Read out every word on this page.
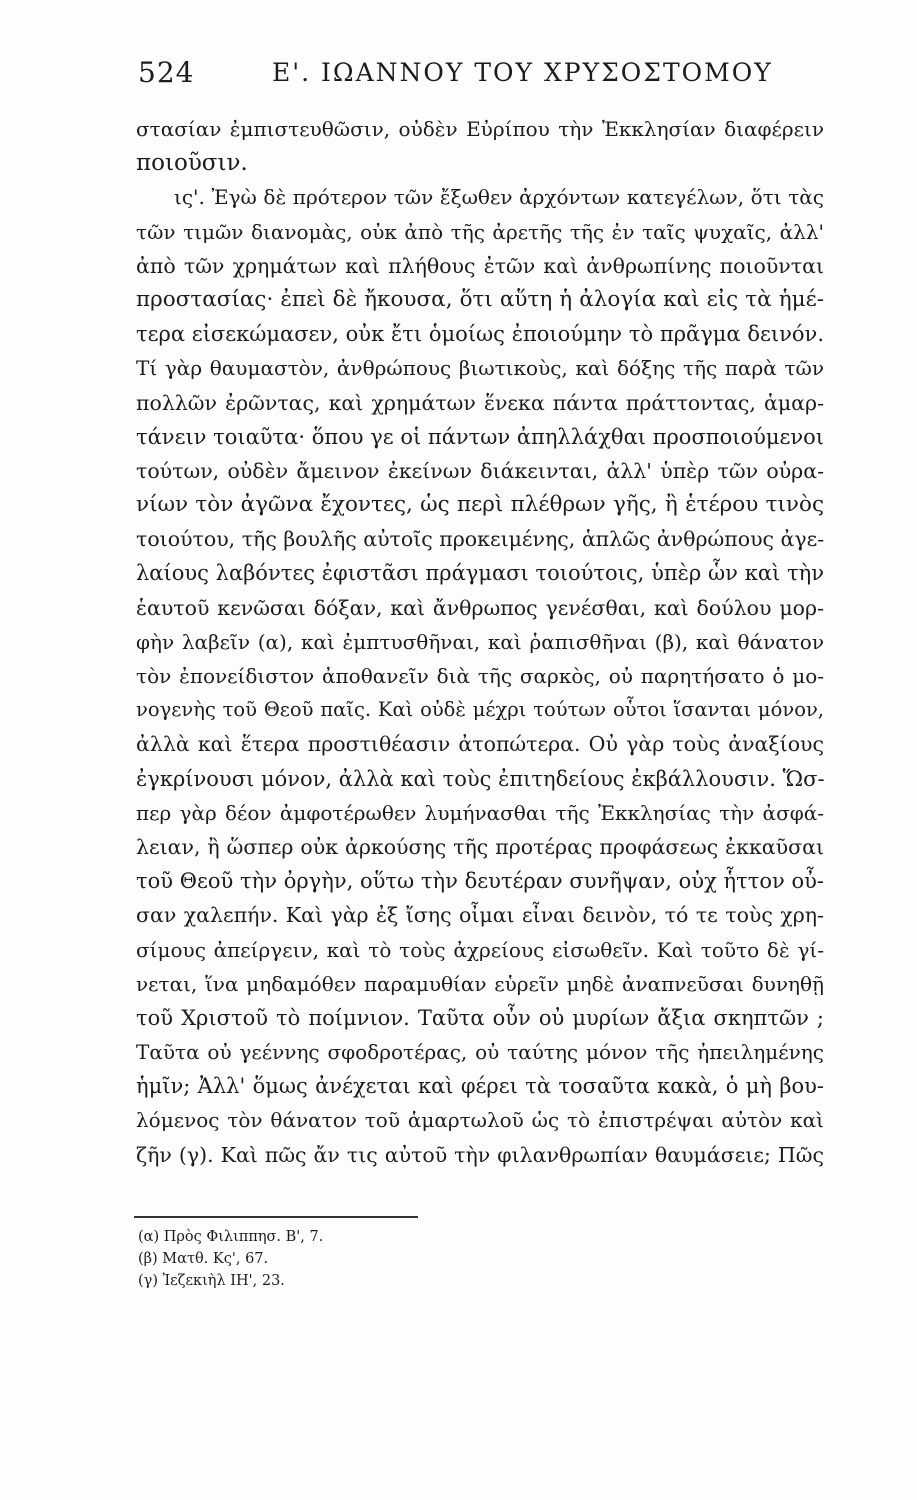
524	Ε'. ΙΩΑΝΝΟΥ ΤΟΥ ΧΡΥΣΟΣΤΟΜΟΥ
στασίαν ἐμπιστευθῶσιν, οὐδὲν Εὐρίπου τὴν Ἐκκλησίαν διαφέρειν
ποιοῦσιν.
ις'. Ἐγὼ δὲ πρότερον τῶν ἔξωθεν ἀρχόντων κατεγέλων, ὅτι τὰς
τῶν τιμῶν διανομὰς, οὐκ ἀπὸ τῆς ἀρετῆς τῆς ἐν ταῖς ψυχαῖς, ἀλλ'
ἀπὸ τῶν χρημάτων καὶ πλήθους ἐτῶν καὶ ἀνθρωπίνης ποιοῦνται
προστασίας· ἐπεὶ δὲ ἤκουσα, ὅτι αὕτη ἡ ἀλογία καὶ εἰς τὰ ἡμέ-
τερα εἰσεκώμασεν, οὐκ ἔτι ὁμοίως ἐποιούμην τὸ πρᾶγμα δεινόν.
Τί γὰρ θαυμαστὸν, ἀνθρώπους βιωτικοὺς, καὶ δόξης τῆς παρὰ τῶν
πολλῶν ἐρῶντας, καὶ χρημάτων ἕνεκα πάντα πράττοντας, ἁμαρ-
τάνειν τοιαῦτα· ὅπου γε οἱ πάντων ἀπηλλάχθαι προσποιούμενοι
τούτων, οὐδὲν ἄμεινον ἐκείνων διάκεινται, ἀλλ' ὑπὲρ τῶν οὐρα-
νίων τὸν ἀγῶνα ἔχοντες, ὡς περὶ πλέθρων γῆς, ἢ ἑτέρου τινὸς
τοιούτου, τῆς βουλῆς αὐτοῖς προκειμένης, ἁπλῶς ἀνθρώπους ἀγε-
λαίους λαβόντες ἐφιστᾶσι πράγμασι τοιούτοις, ὑπὲρ ὧν καὶ τὴν
ἑαυτοῦ κενῶσαι δόξαν, καὶ ἄνθρωπος γενέσθαι, καὶ δούλου μορ-
φὴν λαβεῖν (α), καὶ ἐμπτυσθῆναι, καὶ ῥαπισθῆναι (β), καὶ θάνατον
τὸν ἐπονείδιστον ἀποθανεῖν διὰ τῆς σαρκὸς, οὐ παρητήσατο ὁ μο-
νογενὴς τοῦ Θεοῦ παῖς. Καὶ οὐδὲ μέχρι τούτων οὗτοι ἵσανται μόνον,
ἀλλὰ καὶ ἕτερα προστιθέασιν ἀτοπώτερα. Οὐ γὰρ τοὺς ἀναξίους
ἐγκρίνουσι μόνον, ἀλλὰ καὶ τοὺς ἐπιτηδείους ἐκβάλλουσιν. Ὥσ-
περ γὰρ δέον ἀμφοτέρωθεν λυμήνασθαι τῆς Ἐκκλησίας τὴν ἀσφά-
λειαν, ἢ ὥσπερ οὐκ ἀρκούσης τῆς προτέρας προφάσεως ἐκκαῦσαι
τοῦ Θεοῦ τὴν ὀργὴν, οὕτω τὴν δευτέραν συνῆψαν, οὐχ ἧττον οὖ-
σαν χαλεπήν. Καὶ γὰρ ἐξ ἴσης οἶμαι εἶναι δεινὸν, τό τε τοὺς χρη-
σίμους ἀπείργειν, καὶ τὸ τοὺς ἀχρείους εἰσωθεῖν. Καὶ τοῦτο δὲ γί-
νεται, ἵνα μηδαμόθεν παραμυθίαν εὑρεῖν μηδὲ ἀναπνεῦσαι δυνηθῇ
τοῦ Χριστοῦ τὸ ποίμνιον. Ταῦτα οὖν οὐ μυρίων ἄξια σκηπτῶν ;
Ταῦτα οὐ γεέννης σφοδροτέρας, οὐ ταύτης μόνον τῆς ἠπειλημένης
ἡμῖν; Ἀλλ' ὅμως ἀνέχεται καὶ φέρει τὰ τοσαῦτα κακὰ, ὁ μὴ βου-
λόμενος τὸν θάνατον τοῦ ἁμαρτωλοῦ ὡς τὸ ἐπιστρέψαι αὐτὸν καὶ
ζῆν (γ). Καὶ πῶς ἄν τις αὐτοῦ τὴν φιλανθρωπίαν θαυμάσειε; Πῶς
(α) Πρὸς Φιλιππησ. Β', 7.
(β) Ματθ. Κς', 67.
(γ) Ἰεζεκιὴλ ΙΗ', 23.
